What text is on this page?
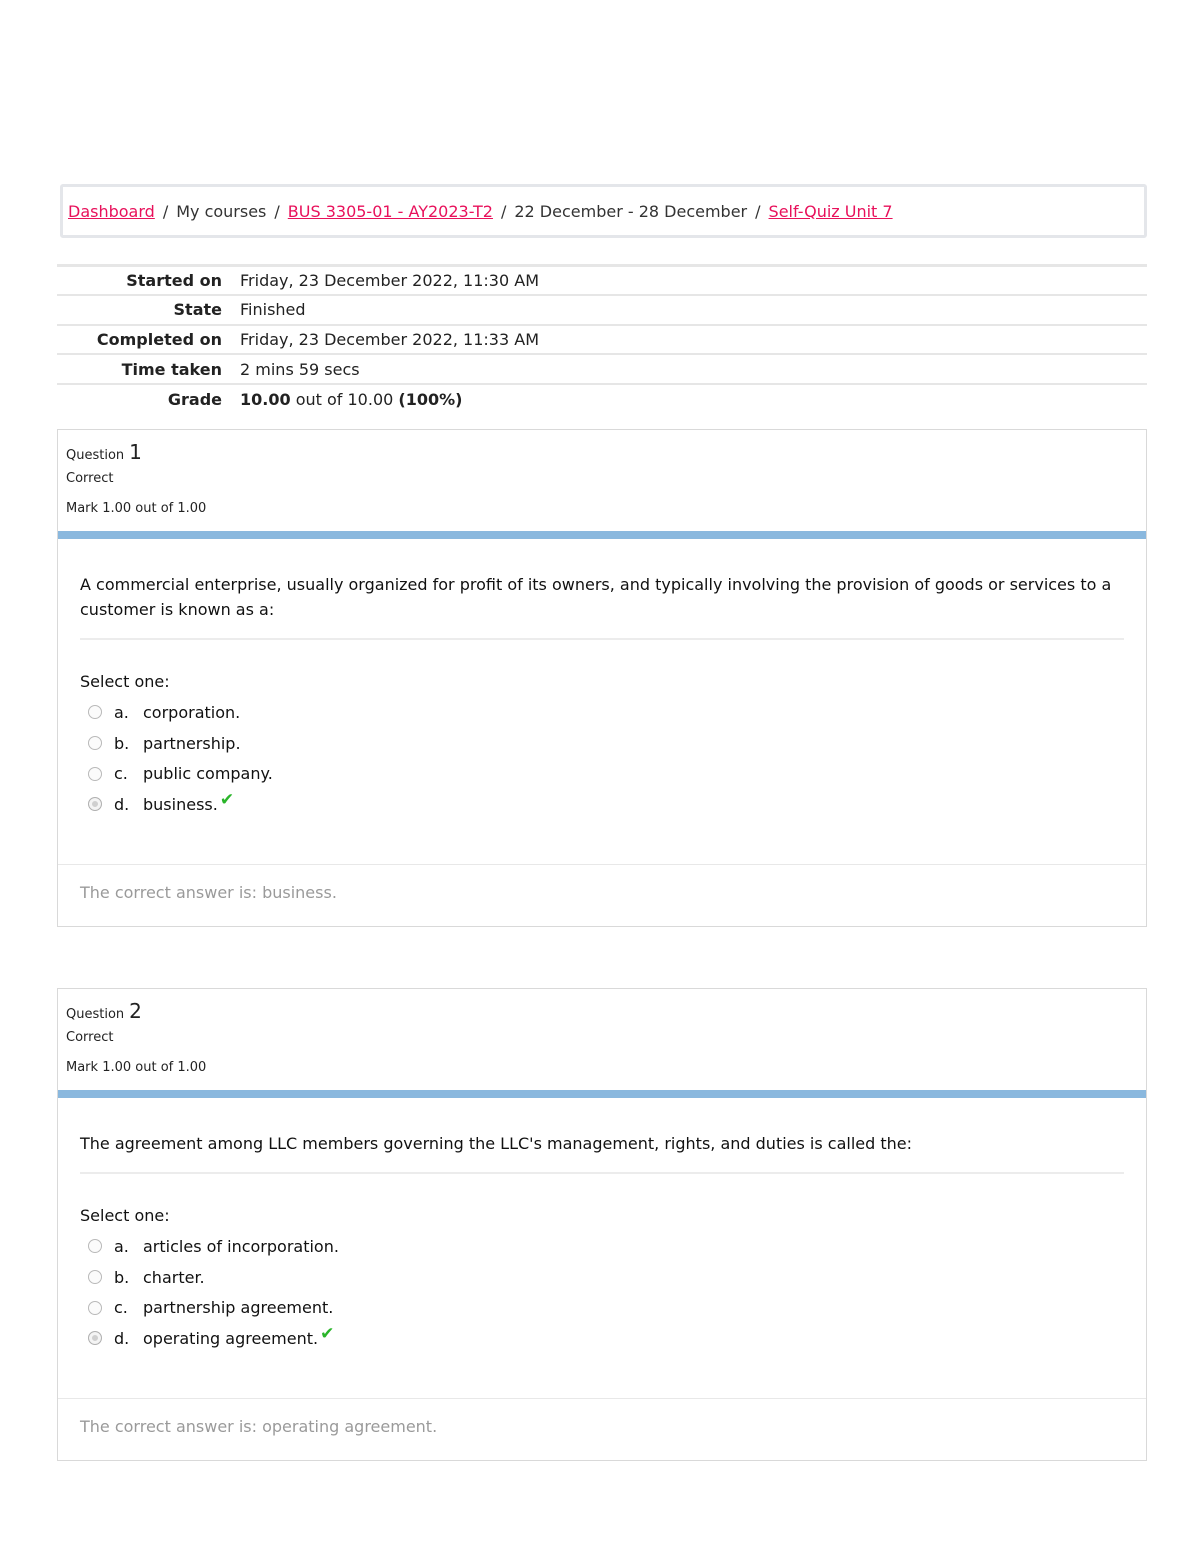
Dashboard / My courses / BUS 3305-01 - AY2023-T2 / 22 December - 28 December / Self-Quiz Unit 7
Started on	Friday, 23 December 2022, 11:30 AM
State	Finished
Completed on	Friday, 23 December 2022, 11:33 AM
Time taken	2 mins 59 secs
Grade	10.00 out of 10.00 (100%)
Question 1
Correct
Mark 1.00 out of 1.00
A commercial enterprise, usually organized for profit of its owners, and typically involving the provision of goods or services to a customer is known as a:
Select one:
a. corporation.
b. partnership.
c. public company.
d. business. ✔
The correct answer is: business.
Question 2
Correct
Mark 1.00 out of 1.00
The agreement among LLC members governing the LLC's management, rights, and duties is called the:
Select one:
a. articles of incorporation.
b. charter.
c. partnership agreement.
d. operating agreement. ✔
The correct answer is: operating agreement.
